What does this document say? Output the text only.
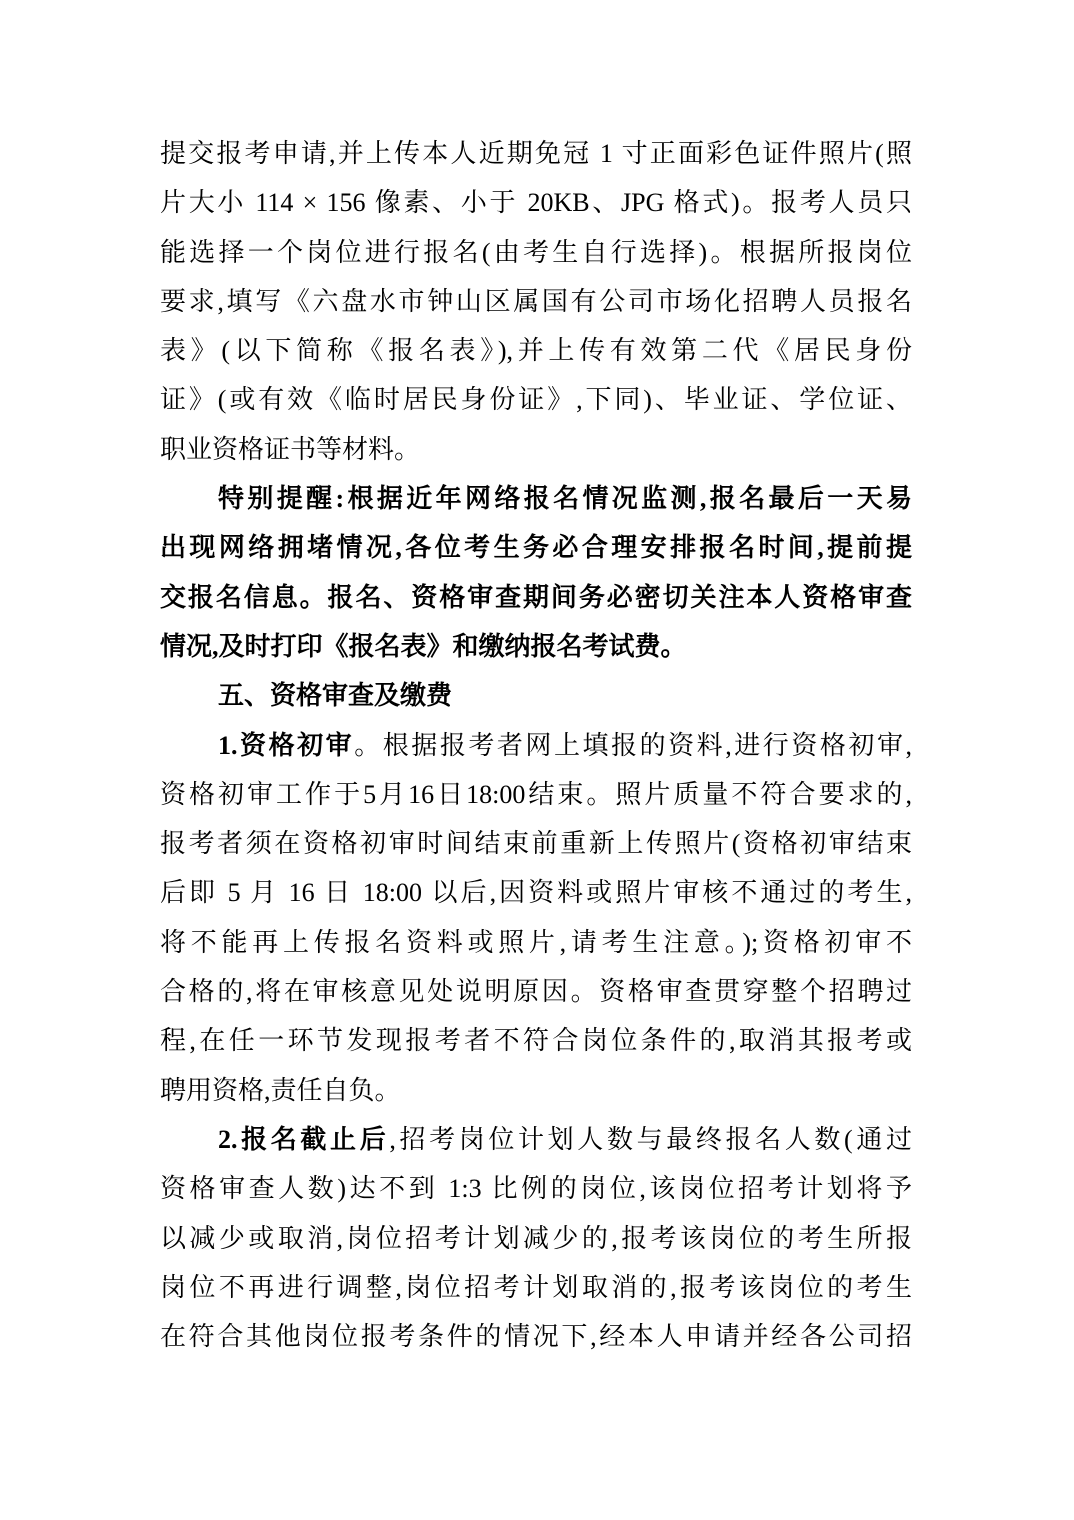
提交报考申请,并上传本人近期免冠 1 寸正面彩色证件照片(照
片大小 114 × 156 像素、小于 20KB、JPG 格式)。报考人员只
能选择一个岗位进行报名(由考生自行选择)。根据所报岗位
要求,填写《六盘水市钟山区属国有公司市场化招聘人员报名
表》(以下简称《报名表》),并上传有效第二代《居民身份
证》(或有效《临时居民身份证》,下同)、毕业证、学位证、
职业资格证书等材料。
特别提醒:根据近年网络报名情况监测,报名最后一天易
出现网络拥堵情况,各位考生务必合理安排报名时间,提前提
交报名信息。报名、资格审查期间务必密切关注本人资格审查
情况,及时打印《报名表》和缴纳报名考试费。
五、资格审查及缴费
1.资格初审。根据报考者网上填报的资料,进行资格初审,
资格初审工作于5月16日18:00结束。照片质量不符合要求的,
报考者须在资格初审时间结束前重新上传照片(资格初审结束
后即 5 月 16 日 18:00 以后,因资料或照片审核不通过的考生,
将不能再上传报名资料或照片,请考生注意。);资格初审不
合格的,将在审核意见处说明原因。资格审查贯穿整个招聘过
程,在任一环节发现报考者不符合岗位条件的,取消其报考或
聘用资格,责任自负。
2.报名截止后,招考岗位计划人数与最终报名人数(通过
资格审查人数)达不到 1:3 比例的岗位,该岗位招考计划将予
以减少或取消,岗位招考计划减少的,报考该岗位的考生所报
岗位不再进行调整,岗位招考计划取消的,报考该岗位的考生
在符合其他岗位报考条件的情况下,经本人申请并经各公司招
